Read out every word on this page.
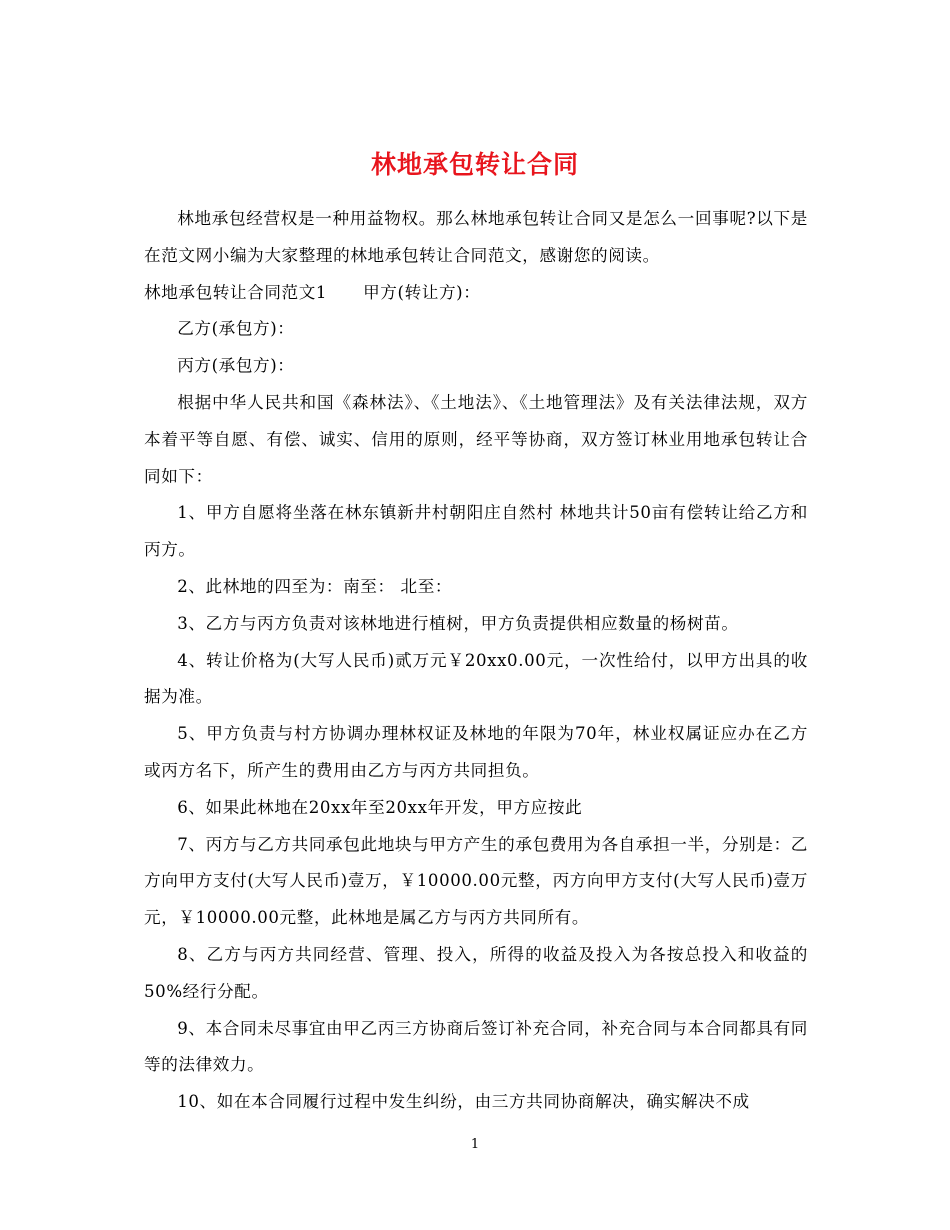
林地承包转让合同

林地承包经营权是一种用益物权。那么林地承包转让合同又是怎么一回事呢?以下是在范文网小编为大家整理的林地承包转让合同范文，感谢您的阅读。

林地承包转让合同范文1 甲方(转让方)：

乙方(承包方)：

丙方(承包方)：

根据中华人民共和国《森林法》、《土地法》、《土地管理法》及有关法律法规，双方本着平等自愿、有偿、诚实、信用的原则，经平等协商，双方签订林业用地承包转让合同如下：

1、甲方自愿将坐落在林东镇新井村朝阳庄自然村 林地共计50亩有偿转让给乙方和丙方。

2、此林地的四至为：南至： 北至：

3、乙方与丙方负责对该林地进行植树，甲方负责提供相应数量的杨树苗。

4、转让价格为(大写人民币)贰万元￥20xx0.00元，一次性给付，以甲方出具的收据为准。

5、甲方负责与村方协调办理林权证及林地的年限为70年，林业权属证应办在乙方或丙方名下，所产生的费用由乙方与丙方共同担负。

6、如果此林地在20xx年至20xx年开发，甲方应按此

7、丙方与乙方共同承包此地块与甲方产生的承包费用为各自承担一半，分别是：乙方向甲方支付(大写人民币)壹万，￥10000.00元整，丙方向甲方支付(大写人民币)壹万元，￥10000.00元整，此林地是属乙方与丙方共同所有。

8、乙方与丙方共同经营、管理、投入，所得的收益及投入为各按总投入和收益的50%经行分配。

9、本合同未尽事宜由甲乙丙三方协商后签订补充合同，补充合同与本合同都具有同等的法律效力。

10、如在本合同履行过程中发生纠纷，由三方共同协商解决，确实解决不成

1
